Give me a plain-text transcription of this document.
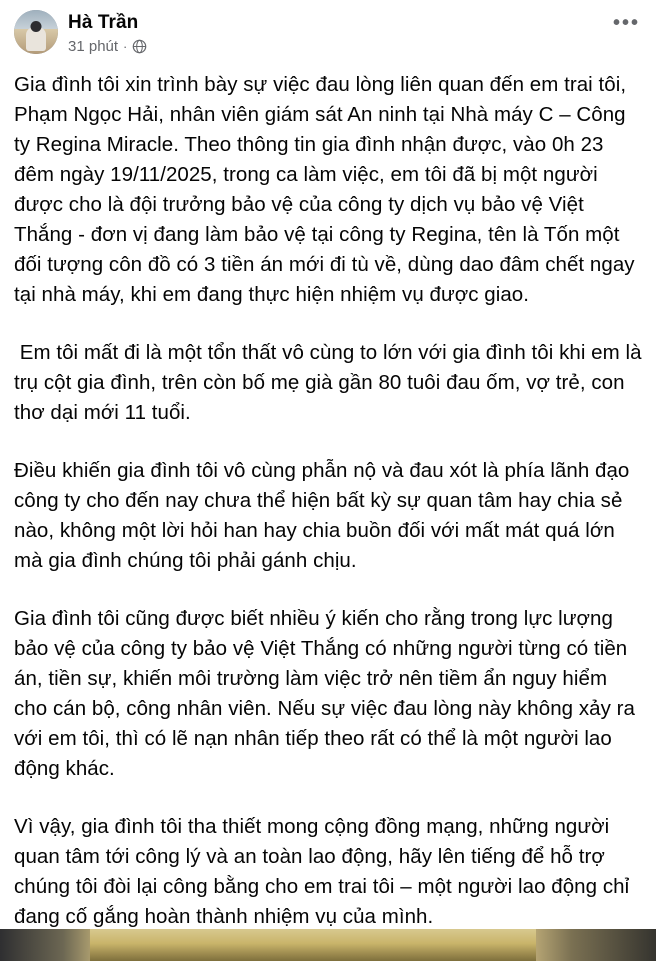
Hà Trần
31 phút ·
•••

Gia đình tôi xin trình bày sự việc đau lòng liên quan đến em trai tôi, Phạm Ngọc Hải, nhân viên giám sát An ninh tại Nhà máy C – Công ty Regina Miracle. Theo thông tin gia đình nhận được, vào 0h 23 đêm ngày 19/11/2025, trong ca làm việc, em tôi đã bị một người được cho là đội trưởng bảo vệ của công ty dịch vụ bảo vệ Việt Thắng - đơn vị đang làm bảo vệ tại công ty Regina, tên là Tốn một đối tượng côn đồ có 3 tiền án mới đi tù về, dùng dao đâm chết ngay tại nhà máy, khi em đang thực hiện nhiệm vụ được giao.

Em tôi mất đi là một tổn thất vô cùng to lớn với gia đình tôi khi em là trụ cột gia đình, trên còn bố mẹ già gần 80 tuôi đau ốm, vợ trẻ, con thơ dại mới 11 tuổi.

Điều khiến gia đình tôi vô cùng phẫn nộ và đau xót là phía lãnh đạo công ty cho đến nay chưa thể hiện bất kỳ sự quan tâm hay chia sẻ nào, không một lời hỏi han hay chia buồn đối với mất mát quá lớn mà gia đình chúng tôi phải gánh chịu.

Gia đình tôi cũng được biết nhiều ý kiến cho rằng trong lực lượng bảo vệ của công ty bảo vệ Việt Thắng có những người từng có tiền án, tiền sự, khiến môi trường làm việc trở nên tiềm ẩn nguy hiểm cho cán bộ, công nhân viên. Nếu sự việc đau lòng này không xảy ra với em tôi, thì có lẽ nạn nhân tiếp theo rất có thể là một người lao động khác.

Vì vậy, gia đình tôi tha thiết mong cộng đồng mạng, những người quan tâm tới công lý và an toàn lao động, hãy lên tiếng để hỗ trợ chúng tôi đòi lại công bằng cho em trai tôi – một người lao động chỉ đang cố gắng hoàn thành nhiệm vụ của mình.
